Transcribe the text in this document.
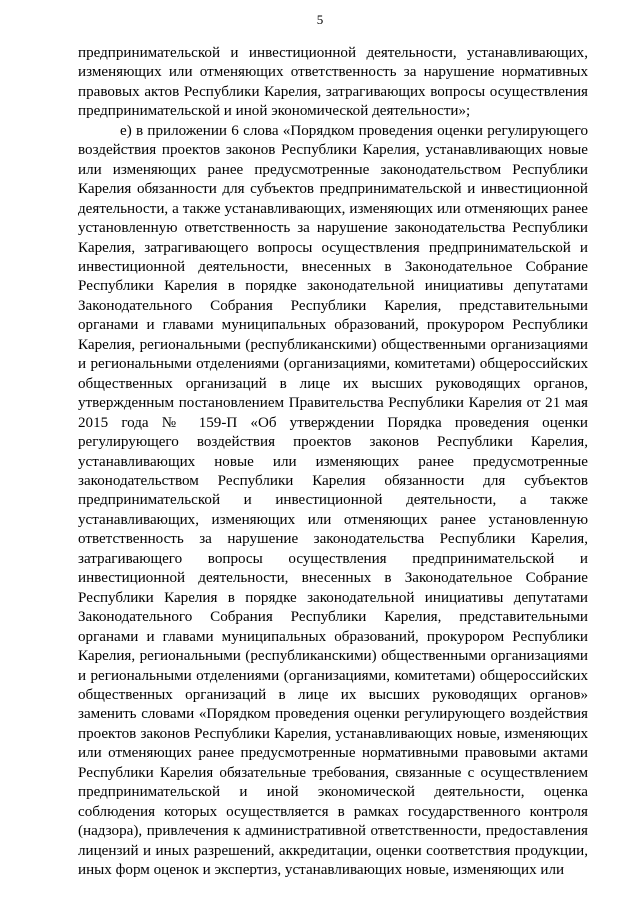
5

предпринимательской и инвестиционной деятельности, устанавливающих, изменяющих или отменяющих ответственность за нарушение нормативных правовых актов Республики Карелия, затрагивающих вопросы осуществления предпринимательской и иной экономической деятельности»;

е) в приложении 6 слова «Порядком проведения оценки регулирующего воздействия проектов законов Республики Карелия, устанавливающих новые или изменяющих ранее предусмотренные законодательством Республики Карелия обязанности для субъектов предпринимательской и инвестиционной деятельности, а также устанавливающих, изменяющих или отменяющих ранее установленную ответственность за нарушение законодательства Республики Карелия, затрагивающего вопросы осуществления предпринимательской и инвестиционной деятельности, внесенных в Законодательное Собрание Республики Карелия в порядке законодательной инициативы депутатами Законодательного Собрания Республики Карелия, представительными органами и главами муниципальных образований, прокурором Республики Карелия, региональными (республиканскими) общественными организациями и региональными отделениями (организациями, комитетами) общероссийских общественных организаций в лице их высших руководящих органов, утвержденным постановлением Правительства Республики Карелия от 21 мая 2015 года № 159-П «Об утверждении Порядка проведения оценки регулирующего воздействия проектов законов Республики Карелия, устанавливающих новые или изменяющих ранее предусмотренные законодательством Республики Карелия обязанности для субъектов предпринимательской и инвестиционной деятельности, а также устанавливающих, изменяющих или отменяющих ранее установленную ответственность за нарушение законодательства Республики Карелия, затрагивающего вопросы осуществления предпринимательской и инвестиционной деятельности, внесенных в Законодательное Собрание Республики Карелия в порядке законодательной инициативы депутатами Законодательного Собрания Республики Карелия, представительными органами и главами муниципальных образований, прокурором Республики Карелия, региональными (республиканскими) общественными организациями и региональными отделениями (организациями, комитетами) общероссийских общественных организаций в лице их высших руководящих органов» заменить словами «Порядком проведения оценки регулирующего воздействия проектов законов Республики Карелия, устанавливающих новые, изменяющих или отменяющих ранее предусмотренные нормативными правовыми актами Республики Карелия обязательные требования, связанные с осуществлением предпринимательской и иной экономической деятельности, оценка соблюдения которых осуществляется в рамках государственного контроля (надзора), привлечения к административной ответственности, предоставления лицензий и иных разрешений, аккредитации, оценки соответствия продукции, иных форм оценок и экспертиз, устанавливающих новые, изменяющих или
